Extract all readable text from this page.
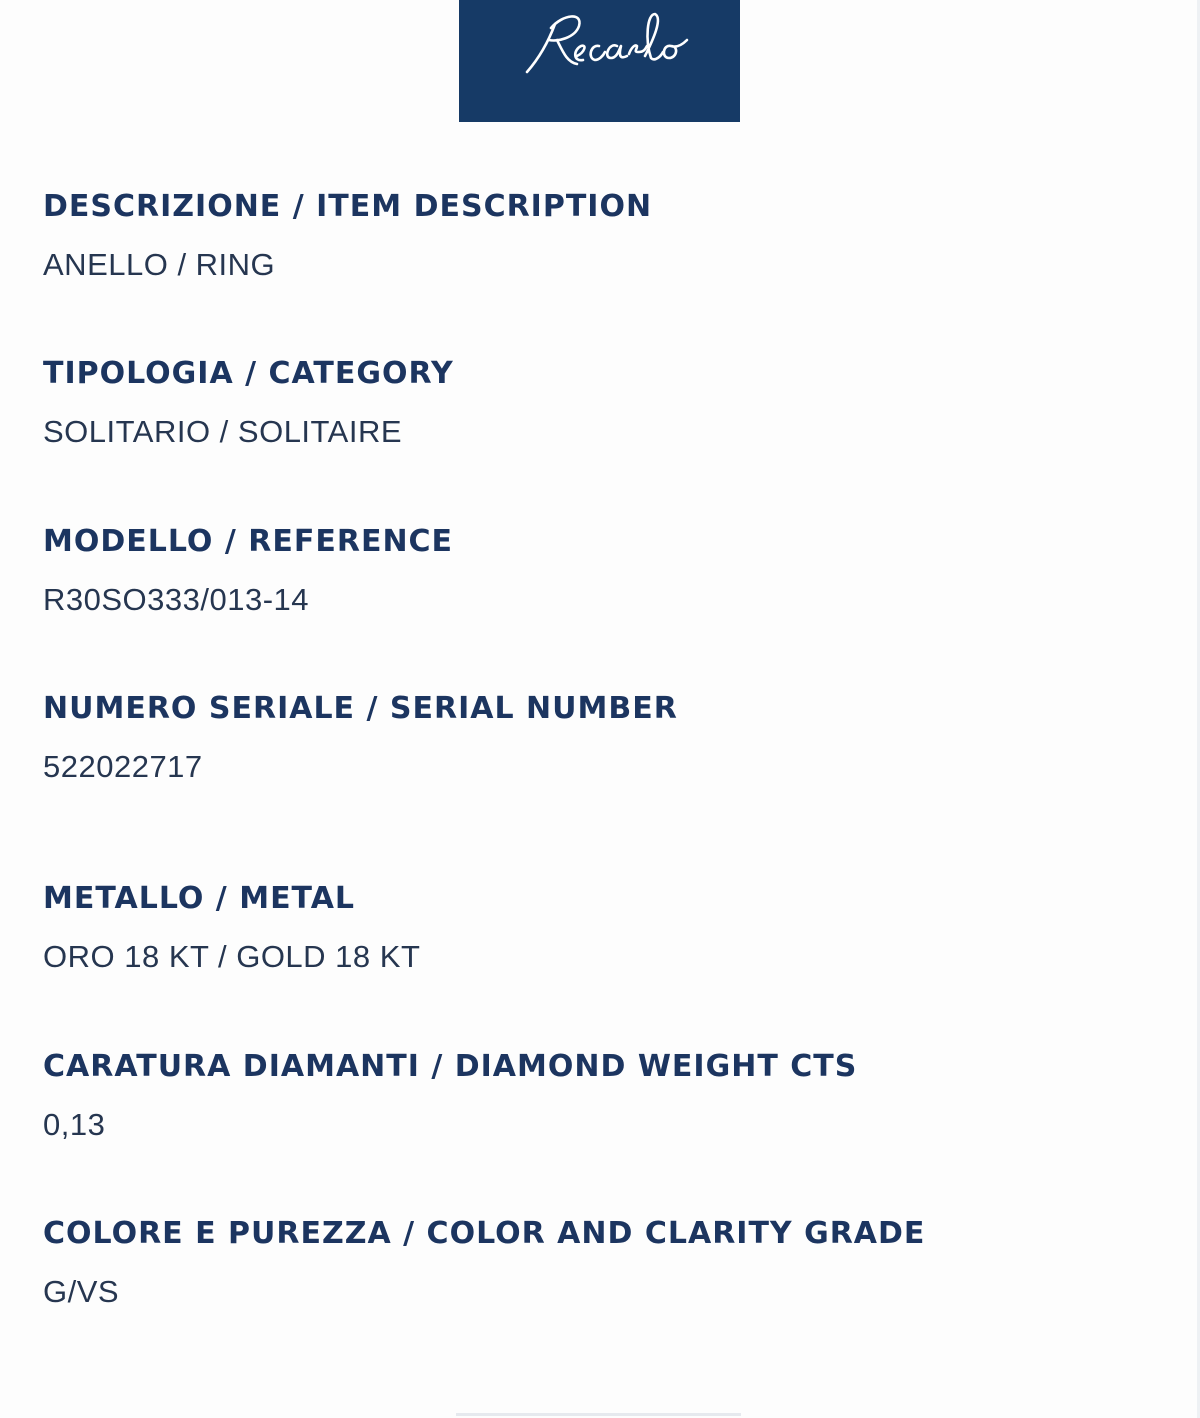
DESCRIZIONE / ITEM DESCRIPTION

ANELLO / RING

TIPOLOGIA / CATEGORY

SOLITARIO / SOLITAIRE

MODELLO / REFERENCE

R30SO333/013-14

NUMERO SERIALE / SERIAL NUMBER

522022717

METALLO / METAL

ORO 18 KT / GOLD 18 KT

CARATURA DIAMANTI / DIAMOND WEIGHT CTS

0,13

COLORE E PUREZZA / COLOR AND CLARITY GRADE

G/VS
